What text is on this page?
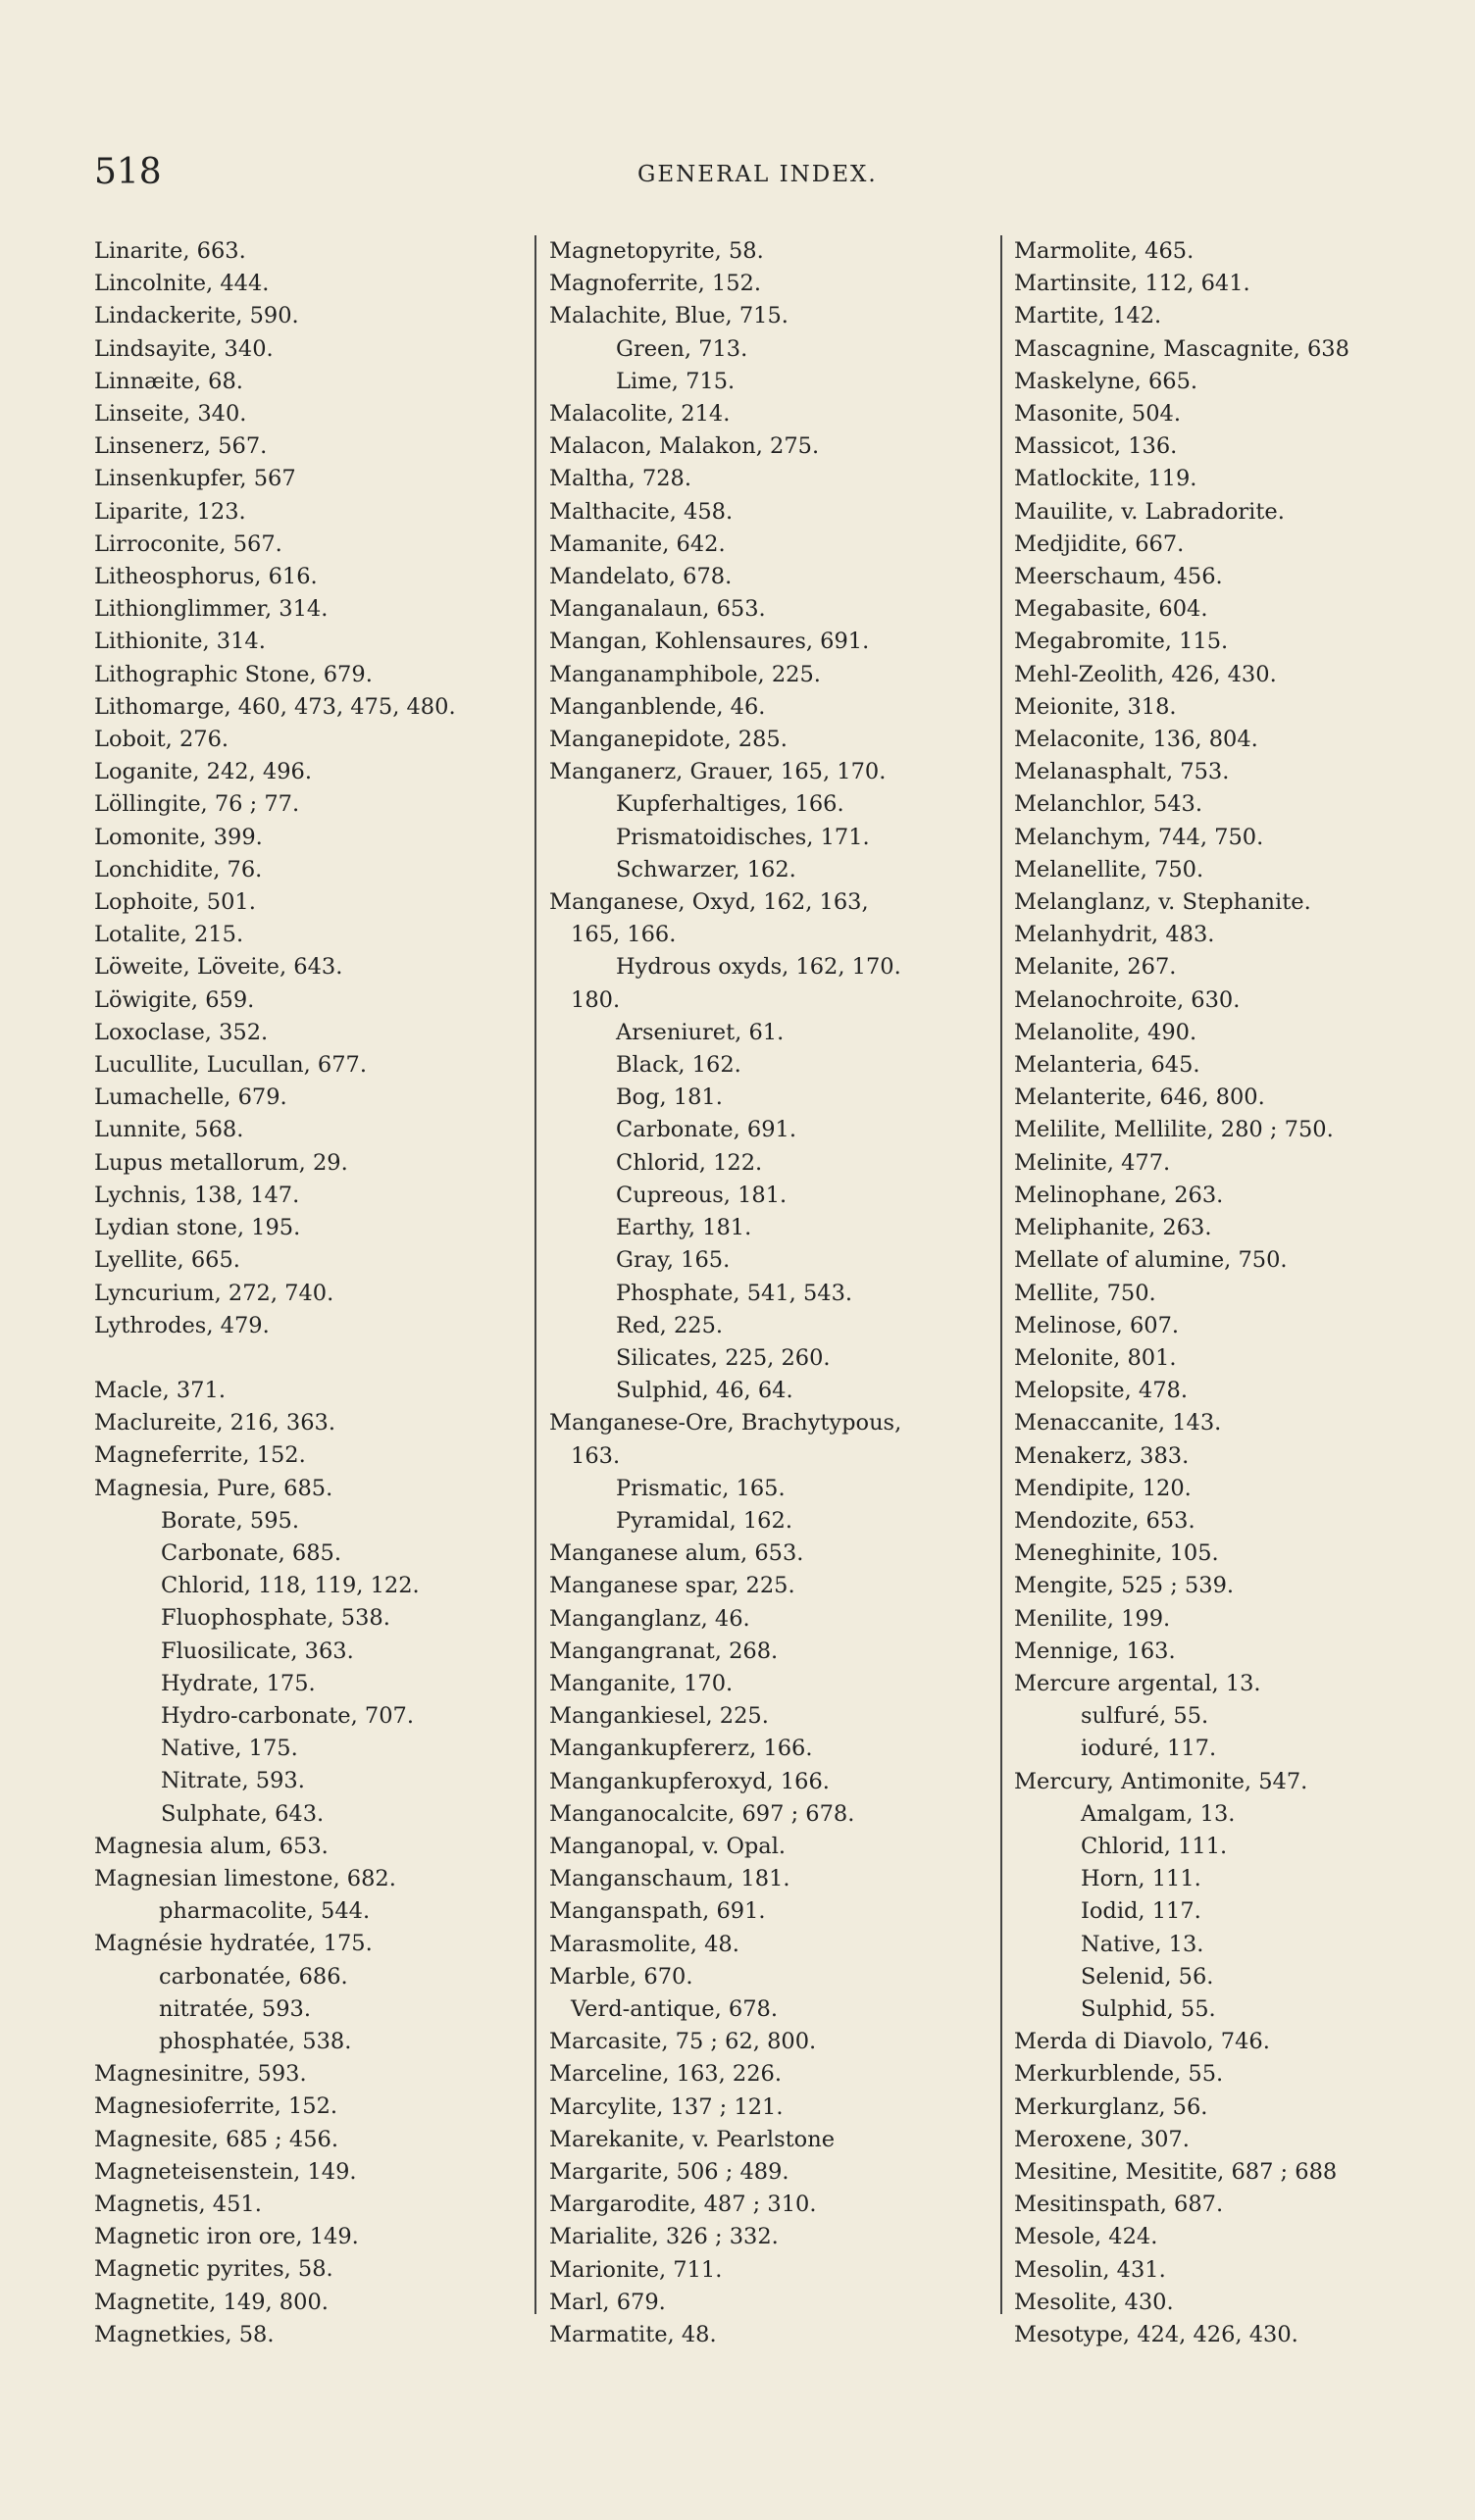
518	GENERAL INDEX.
Linarite, 663.
Lincolnite, 444.
Lindackerite, 590.
Lindsayite, 340.
Linnæite, 68.
Linseite, 340.
Linsenerz, 567.
Linsenkupfer, 567
Liparite, 123.
Lirroconite, 567.
Litheosphorus, 616.
Lithionglimmer, 314.
Lithionite, 314.
Lithographic Stone, 679.
Lithomarge, 460, 473, 475, 480.
Loboit, 276.
Loganite, 242, 496.
Löllingite, 76 ; 77.
Lomonite, 399.
Lonchidite, 76.
Lophoite, 501.
Lotalite, 215.
Löweite, Löveite, 643.
Löwigite, 659.
Loxoclase, 352.
Lucullite, Lucullan, 677.
Lumachelle, 679.
Lunnite, 568.
Lupus metallorum, 29.
Lychnis, 138, 147.
Lydian stone, 195.
Lyellite, 665.
Lyncurium, 272, 740.
Lythrodes, 479.
Macle, 371.
Maclureite, 216, 363.
Magneferrite, 152.
Magnesia, Pure, 685.
Borate, 595.
Carbonate, 685.
Chlorid, 118, 119, 122.
Fluophosphate, 538.
Fluosilicate, 363.
Hydrate, 175.
Hydro-carbonate, 707.
Native, 175.
Nitrate, 593.
Sulphate, 643.
Magnesia alum, 653.
Magnesian limestone, 682.
pharmacolite, 544.
Magnésie hydratée, 175.
carbonatée, 686.
nitratée, 593.
phosphatée, 538.
Magnesinitre, 593.
Magnesioferrite, 152.
Magnesite, 685 ; 456.
Magneteisenstein, 149.
Magnetis, 451.
Magnetic iron ore, 149.
Magnetic pyrites, 58.
Magnetite, 149, 800.
Magnetkies, 58.
Magnetopyrite, 58.
Magnoferrite, 152.
Malachite, Blue, 715.
Green, 713.
Lime, 715.
Malacolite, 214.
Malacon, Malakon, 275.
Maltha, 728.
Malthacite, 458.
Mamanite, 642.
Mandelato, 678.
Manganalaun, 653.
Mangan, Kohlensaures, 691.
Manganamphibole, 225.
Manganblende, 46.
Manganepidote, 285.
Manganerz, Grauer, 165, 170.
Kupferhaltiges, 166.
Prismatoidisches, 171.
Schwarzer, 162.
Manganese, Oxyd, 162, 163,
165, 166.
Hydrous oxyds, 162, 170.
180.
Arseniuret, 61.
Black, 162.
Bog, 181.
Carbonate, 691.
Chlorid, 122.
Cupreous, 181.
Earthy, 181.
Gray, 165.
Phosphate, 541, 543.
Red, 225.
Silicates, 225, 260.
Sulphid, 46, 64.
Manganese-Ore, Brachytypous,
163.
Prismatic, 165.
Pyramidal, 162.
Manganese alum, 653.
Manganese spar, 225.
Manganglanz, 46.
Mangangranat, 268.
Manganite, 170.
Mangankiesel, 225.
Mangankupfererz, 166.
Mangankupferoxyd, 166.
Manganocalcite, 697 ; 678.
Manganopal, v. Opal.
Manganschaum, 181.
Manganspath, 691.
Marasmolite, 48.
Marble, 670.
Verd-antique, 678.
Marcasite, 75 ; 62, 800.
Marceline, 163, 226.
Marcylite, 137 ; 121.
Marekanite, v. Pearlstone
Margarite, 506 ; 489.
Margarodite, 487 ; 310.
Marialite, 326 ; 332.
Marionite, 711.
Marl, 679.
Marmatite, 48.
Marmolite, 465.
Martinsite, 112, 641.
Martite, 142.
Mascagnine, Mascagnite, 638
Maskelyne, 665.
Masonite, 504.
Massicot, 136.
Matlockite, 119.
Mauilite, v. Labradorite.
Medjidite, 667.
Meerschaum, 456.
Megabasite, 604.
Megabromite, 115.
Mehl-Zeolith, 426, 430.
Meionite, 318.
Melaconite, 136, 804.
Melanasphalt, 753.
Melanchlor, 543.
Melanchym, 744, 750.
Melanellite, 750.
Melanglanz, v. Stephanite.
Melanhydrit, 483.
Melanite, 267.
Melanochroite, 630.
Melanolite, 490.
Melanteria, 645.
Melanterite, 646, 800.
Melilite, Mellilite, 280 ; 750.
Melinite, 477.
Melinophane, 263.
Meliphanite, 263.
Mellate of alumine, 750.
Mellite, 750.
Melinose, 607.
Melonite, 801.
Melopsite, 478.
Menaccanite, 143.
Menakerz, 383.
Mendipite, 120.
Mendozite, 653.
Meneghinite, 105.
Mengite, 525 ; 539.
Menilite, 199.
Mennige, 163.
Mercure argental, 13.
sulfuré, 55.
ioduré, 117.
Mercury, Antimonite, 547.
Amalgam, 13.
Chlorid, 111.
Horn, 111.
Iodid, 117.
Native, 13.
Selenid, 56.
Sulphid, 55.
Merda di Diavolo, 746.
Merkurblende, 55.
Merkurglanz, 56.
Meroxene, 307.
Mesitine, Mesitite, 687 ; 688
Mesitinspath, 687.
Mesole, 424.
Mesolin, 431.
Mesolite, 430.
Mesotype, 424, 426, 430.
